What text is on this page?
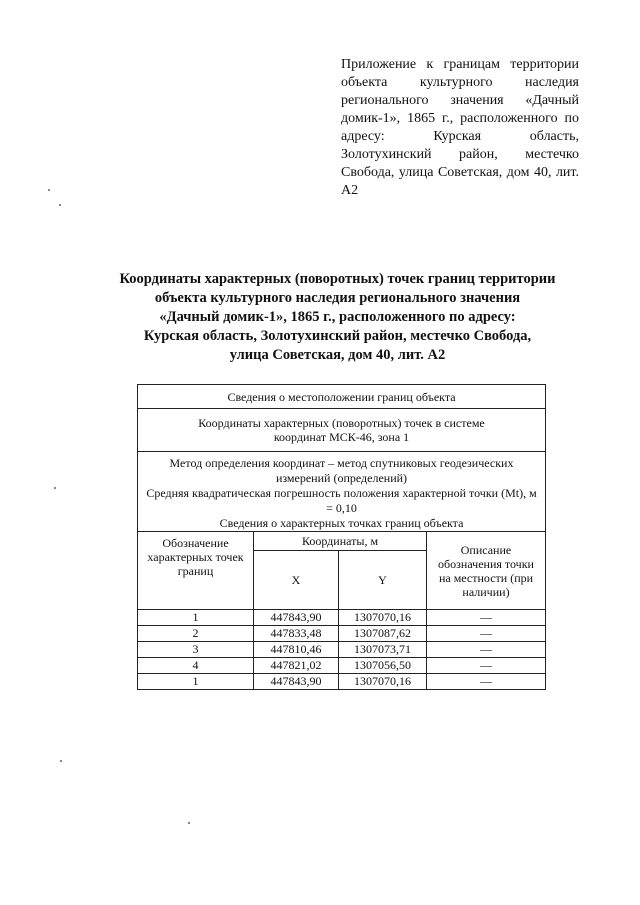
Приложение к границам территории объекта культурного наследия регионального значения «Дачный домик-1», 1865 г., расположенного по адресу: Курская область, Золотухинский район, местечко Свобода, улица Советская, дом 40, лит. А2
Координаты характерных (поворотных) точек границ территории
объекта культурного наследия регионального значения
«Дачный домик-1», 1865 г., расположенного по адресу:
Курская область, Золотухинский район, местечко Свобода,
улица Советская, дом 40, лит. А2
Сведения о местоположении границ объекта			
Координаты характерных (поворотных) точек в системе координат МСК-46, зона 1			

Метод определения координат – метод спутниковых геодезических измерений (определений)
Средняя квадратическая погрешность положения характерной точки (Mt), м = 0,10
Сведения о характерных точках границ объекта			

Обозначение характерных точек границ	Координаты, м		Описание обозначения точки на местности (при наличии)
	X	Y	
1	447843,90	1307070,16	—
2	447833,48	1307087,62	—
3	447810,46	1307073,71	—
4	447821,02	1307056,50	—
1	447843,90	1307070,16	—
